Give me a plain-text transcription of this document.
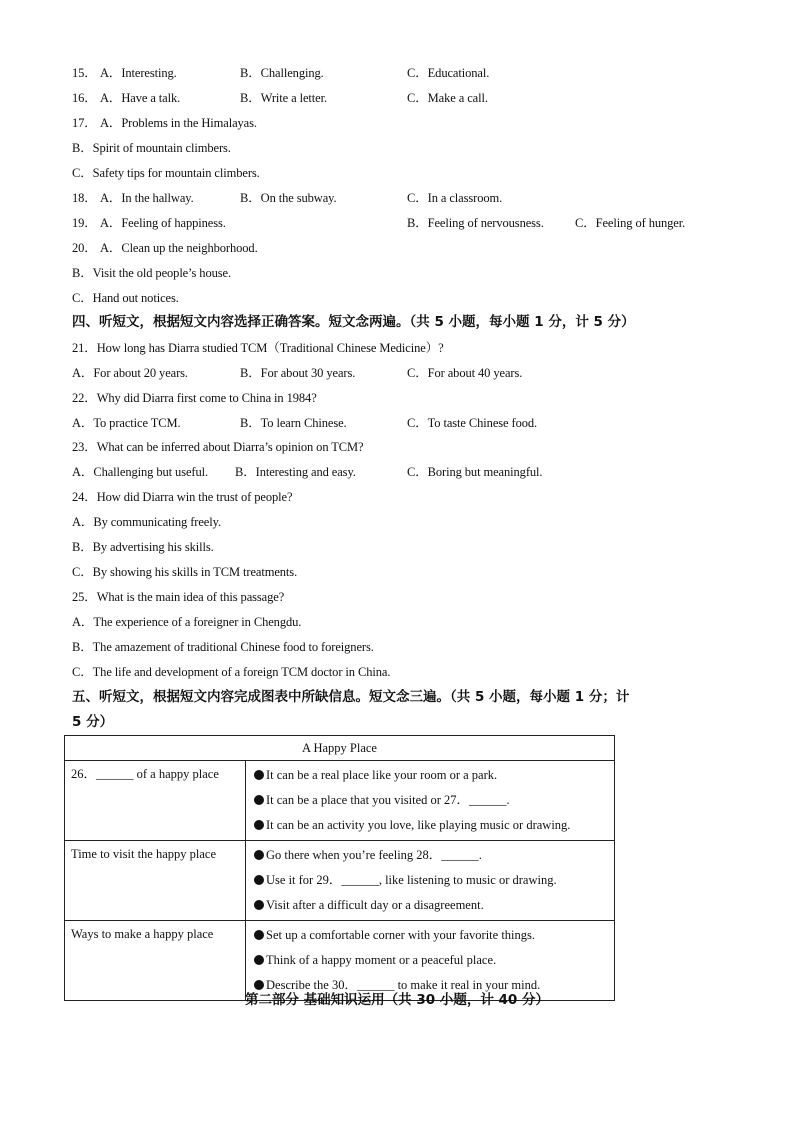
15． A．Interesting.	B．Challenging.	C．Educational.
16． A．Have a talk.	B．Write a letter.	C．Make a call.
17． A．Problems in the Himalayas.
B．Spirit of mountain climbers.
C．Safety tips for mountain climbers.
18． A．In the hallway.	B．On the subway.	C．In a classroom.
19． A．Feeling of happiness.	B．Feeling of nervousness.	C．Feeling of hunger.
20． A．Clean up the neighborhood.
B．Visit the old people’s house.
C．Hand out notices.
四、听短文，根据短文内容选择正确答案。短文念两遍。（共 5 小题，每小题 1 分，计 5 分）
21．How long has Diarra studied TCM（Traditional Chinese Medicine）?
A．For about 20 years.	B．For about 30 years.	C．For about 40 years.
22．Why did Diarra first come to China in 1984?
A．To practice TCM.	B．To learn Chinese.	C．To taste Chinese food.
23．What can be inferred about Diarra’s opinion on TCM?
A．Challenging but useful. B．Interesting and easy.	C．Boring but meaningful.
24．How did Diarra win the trust of people?
A．By communicating freely.
B．By advertising his skills.
C．By showing his skills in TCM treatments.
25．What is the main idea of this passage?
A．The experience of a foreigner in Chengdu.
B．The amazement of traditional Chinese food to foreigners.
C．The life and development of a foreign TCM doctor in China.
五、听短文，根据短文内容完成图表中所缺信息。短文念三遍。（共 5 小题，每小题 1 分；计
5 分）
A Happy Place	
26．______ of a happy place	It can be a real place like your room or a park.
It can be a place that you visited or 27．______.
It can be an activity you love, like playing music or drawing.

Time to visit the happy place	Go there when you’re feeling 28．______.
Use it for 29．______, like listening to music or drawing.
Visit after a difficult day or a disagreement.

Ways to make a happy place	Set up a comfortable corner with your favorite things.
Think of a happy moment or a peaceful place.
Describe the 30．______ to make it real in your mind.
第二部分 基础知识运用（共 30 小题，计 40 分）
